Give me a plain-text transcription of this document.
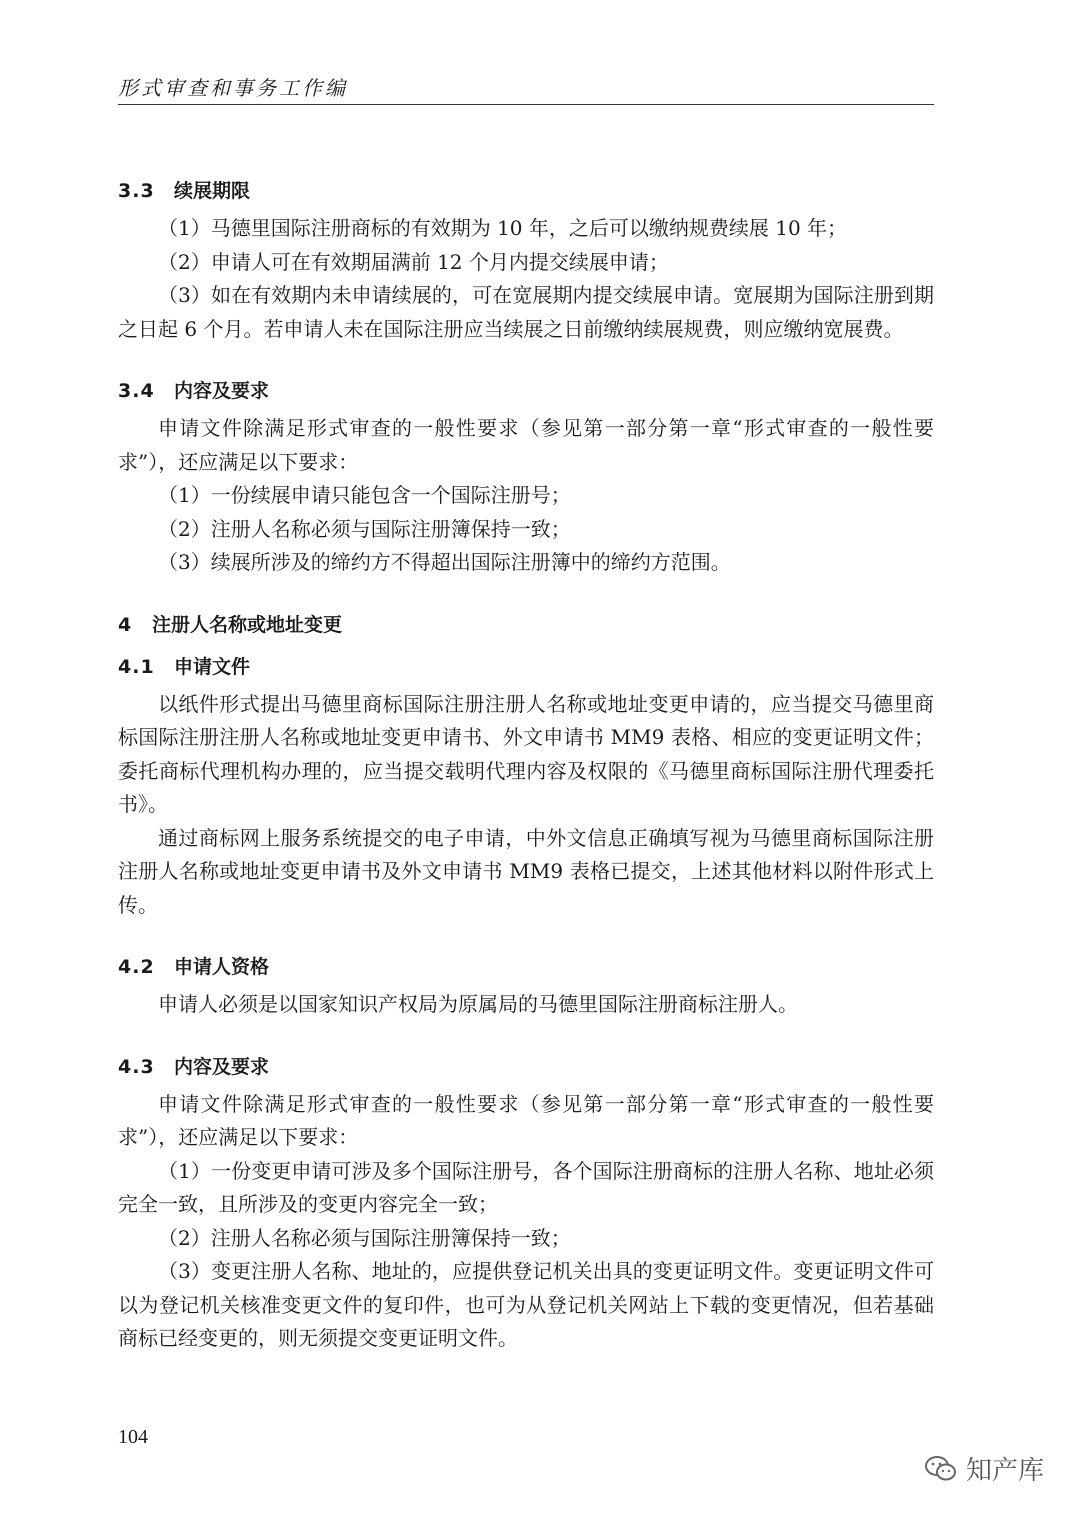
形式审查和事务工作编
3.3 续展期限

（1）马德里国际注册商标的有效期为 10 年，之后可以缴纳规费续展 10 年；

（2）申请人可在有效期届满前 12 个月内提交续展申请；

（3）如在有效期内未申请续展的，可在宽展期内提交续展申请。宽展期为国际注册到期之日起 6 个月。若申请人未在国际注册应当续展之日前缴纳续展规费，则应缴纳宽展费。

3.4 内容及要求

申请文件除满足形式审查的一般性要求（参见第一部分第一章“形式审查的一般性要求”），还应满足以下要求：

（1）一份续展申请只能包含一个国际注册号；

（2）注册人名称必须与国际注册簿保持一致；

（3）续展所涉及的缔约方不得超出国际注册簿中的缔约方范围。

4 注册人名称或地址变更
4.1 申请文件

以纸件形式提出马德里商标国际注册注册人名称或地址变更申请的，应当提交马德里商标国际注册注册人名称或地址变更申请书、外文申请书 MM9 表格、相应的变更证明文件；委托商标代理机构办理的，应当提交载明代理内容及权限的《马德里商标国际注册代理委托书》。

通过商标网上服务系统提交的电子申请，中外文信息正确填写视为马德里商标国际注册注册人名称或地址变更申请书及外文申请书 MM9 表格已提交，上述其他材料以附件形式上传。

4.2 申请人资格

申请人必须是以国家知识产权局为原属局的马德里国际注册商标注册人。

4.3 内容及要求

申请文件除满足形式审查的一般性要求（参见第一部分第一章“形式审查的一般性要求”），还应满足以下要求：

（1）一份变更申请可涉及多个国际注册号，各个国际注册商标的注册人名称、地址必须完全一致，且所涉及的变更内容完全一致；

（2）注册人名称必须与国际注册簿保持一致；

（3）变更注册人名称、地址的，应提供登记机关出具的变更证明文件。变更证明文件可以为登记机关核准变更文件的复印件，也可为从登记机关网站上下载的变更情况，但若基础商标已经变更的，则无须提交变更证明文件。

104
知产库
